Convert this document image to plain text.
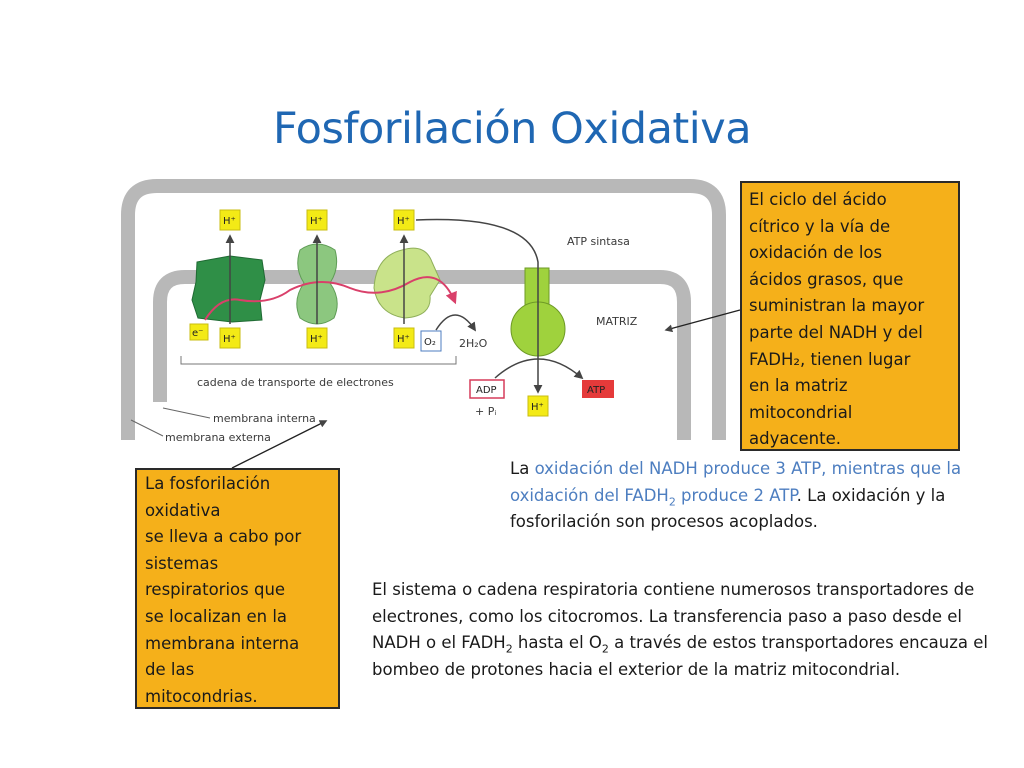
Fosforilación Oxidativa
H⁺	H⁺	H⁺
H⁺	H⁺	H⁺
H⁺
e⁻
O₂ 2H₂O
ADP
+ Pᵢ
ATP
ATP sintasa
MATRIZ
cadena de transporte de electrones
membrana interna
membrana externa
El ciclo del ácido
cítrico y la vía de
oxidación de los
ácidos grasos, que
suministran la mayor
parte del NADH y del
FADH₂, tienen lugar
en la matriz
mitocondrial
adyacente.
La fosforilación
oxidativa
se lleva a cabo por
sistemas
respiratorios que
se localizan en la
membrana interna
de las
mitocondrias.
La oxidación del NADH produce 3 ATP, mientras que la oxidación del $FADH_2$ produce 2 ATP. La oxidación y la fosforilación son procesos acoplados.
El sistema o cadena respiratoria contiene numerosos transportadores de electrones, como los citocromos. La transferencia paso a paso desde el NADH o el $FADH_2$ hasta el $O_2$ a través de estos transportadores encauza el bombeo de protones hacia el exterior de la matriz mitocondrial.
